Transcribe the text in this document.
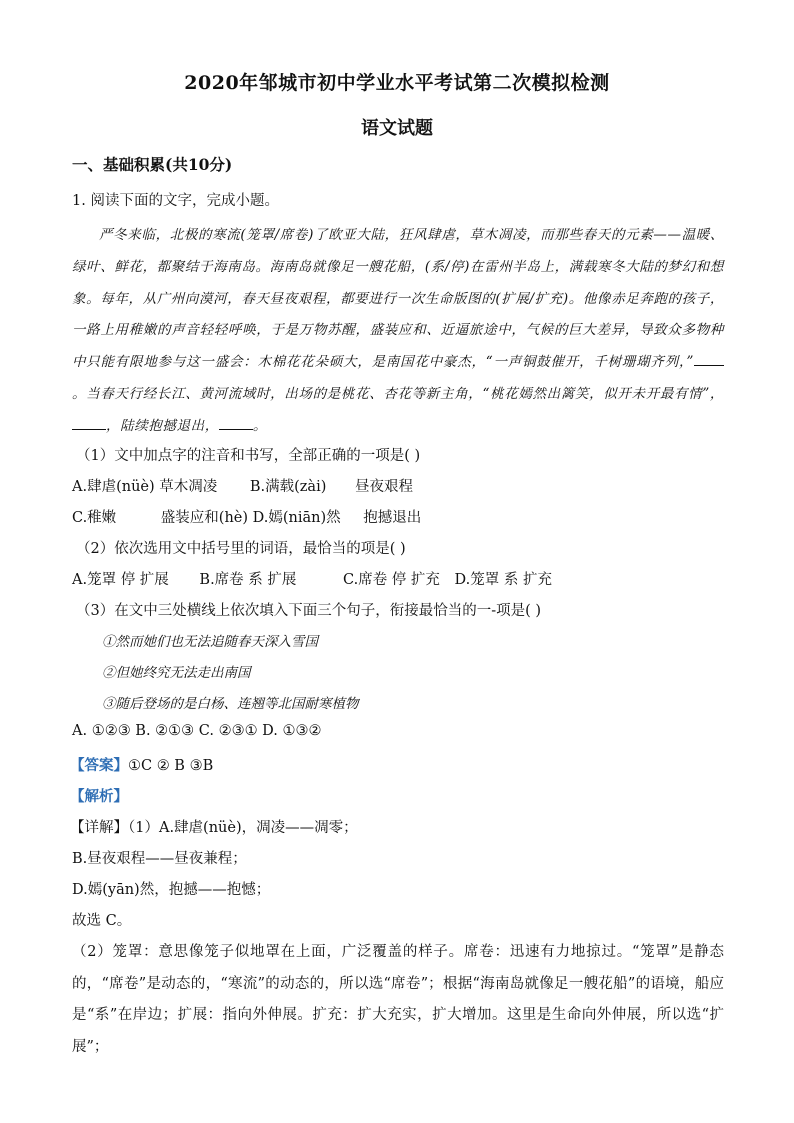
2020年邹城市初中学业水平考试第二次模拟检测
语文试题
一、基础积累(共10分)
1. 阅读下面的文字，完成小题。
严冬来临，北极的寒流(笼罩/席卷)了欧亚大陆，狂风肆虐，草木凋凌，而那些春天的元素——温暖、绿叶、鲜花，都聚结于海南岛。海南岛就像足一艘花船，(系/停)在雷州半岛上，满载寒冬大陆的梦幻和想象。每年，从广州向漠河，春天昼夜艰程，都要进行一次生命版图的(扩展/扩充)。他像赤足奔跑的孩子，一路上用稚嫩的声音轻轻呼唤，于是万物苏醒，盛装应和、近逼旅途中，气候的巨大差异，导致众多物种中只能有限地参与这一盛会：木棉花花朵硕大，是南国花中豪杰，“一声铜鼓催开，千树珊瑚齐列，”。当春天行经长江、黄河流域时，出场的是桃花、杏花等新主角，“桃花嫣然出篱笑，似开未开最有情”，，陆续抱撼退出，	。
（1）文中加点字的注音和书写，全部正确的一项是( )
A.肆虐(nüè) 草木凋凌 B.满载(zài) 昼夜艰程
C.稚嫩	盛装应和(hè) D.嫣(niān)然 抱撼退出
（2）依次选用文中括号里的词语，最恰当的项是( )
A.笼罩 停 扩展 B.席卷 系 扩展	C.席卷 停 扩充 D.笼罩 系 扩充
（3）在文中三处横线上依次填入下面三个句子，衔接最恰当的一-项是( )
①然而她们也无法追随春天深入雪国
②但她终究无法走出南国
③随后登场的是白杨、连翘等北国耐寒植物
A. ①②③ B. ②①③ C. ②③① D. ①③②
【答案】①C ② B ③B
【解析】
【详解】（1）A.肆虐(nüè)，凋凌——凋零；
B.昼夜艰程——昼夜兼程；
D.嫣(yān)然，抱撼——抱憾；
故选 C。
（2）笼罩：意思像笼子似地罩在上面，广泛覆盖的样子。席卷：迅速有力地掠过。“笼罩”是静态的，“席卷”是动态的，“寒流”的动态的，所以选“席卷”；根据“海南岛就像足一艘花船”的语境，船应是“系”在岸边；扩展：指向外伸展。扩充：扩大充实，扩大增加。这里是生命向外伸展，所以选“扩展”；
